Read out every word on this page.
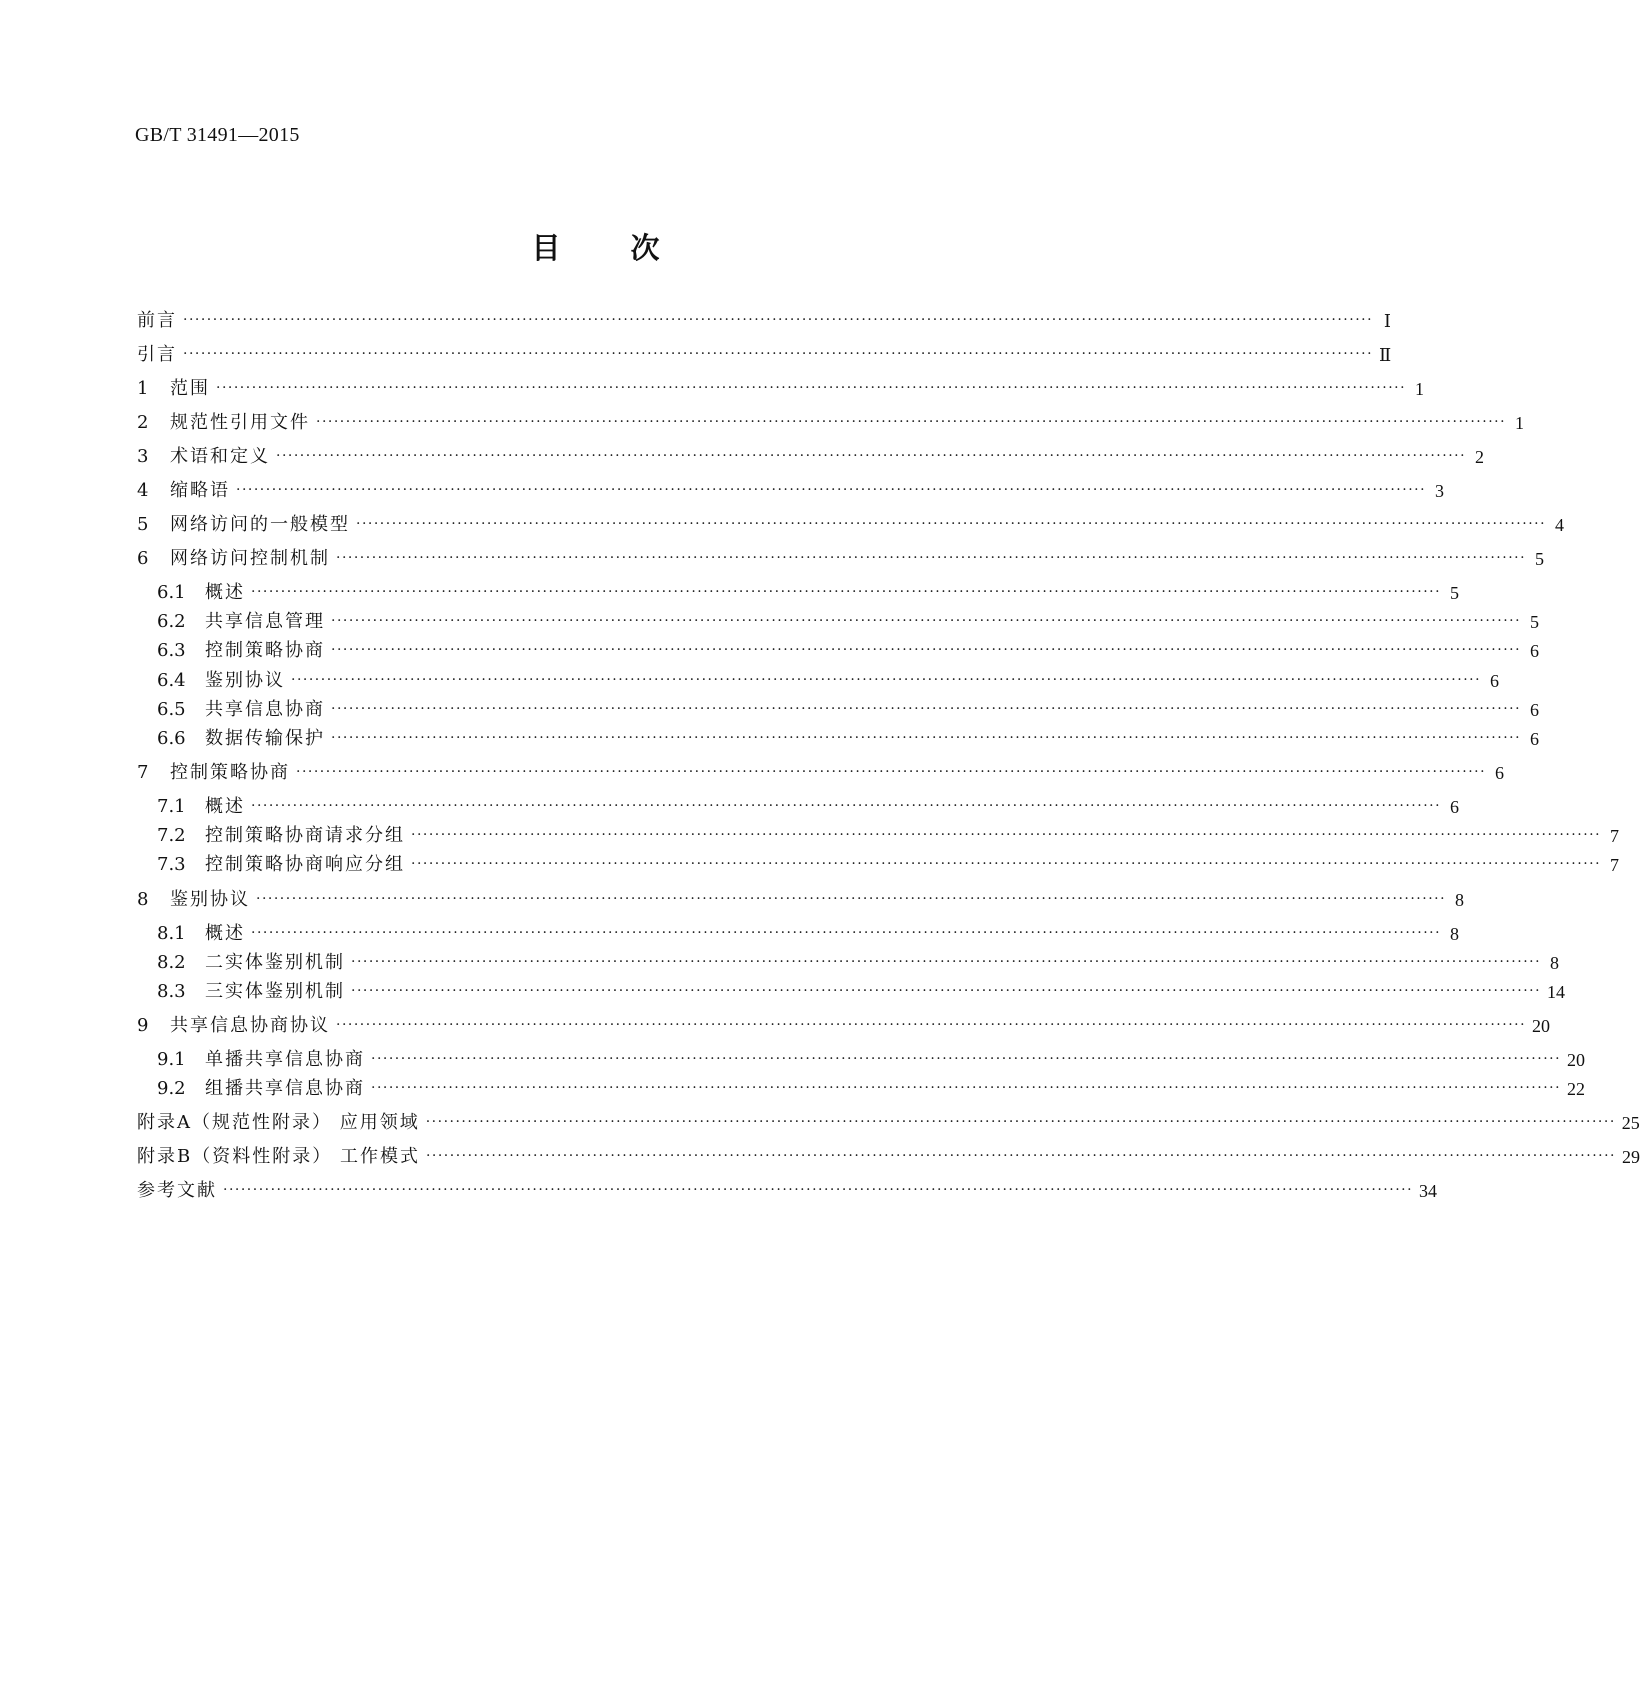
GB/T 31491—2015
目次
前言 ········································································································································································································ Ⅰ
引言 ········································································································································································································ Ⅱ
1	范围 ········································································································································································································ 1
2	规范性引用文件 ········································································································································································································ 1
3	术语和定义 ········································································································································································································ 2
4	缩略语 ········································································································································································································ 3
5	网络访问的一般模型 ········································································································································································································ 4
6	网络访问控制机制 ········································································································································································································ 5
6.1	概述 ········································································································································································································ 5
6.2	共享信息管理 ········································································································································································································ 5
6.3	控制策略协商 ········································································································································································································ 6
6.4	鉴别协议 ········································································································································································································ 6
6.5	共享信息协商 ········································································································································································································ 6
6.6	数据传输保护 ········································································································································································································ 6
7	控制策略协商 ········································································································································································································ 6
7.1	概述 ········································································································································································································ 6
7.2	控制策略协商请求分组 ········································································································································································································ 7
7.3	控制策略协商响应分组 ········································································································································································································ 7
8	鉴别协议 ········································································································································································································ 8
8.1	概述 ········································································································································································································ 8
8.2	二实体鉴别机制 ········································································································································································································ 8
8.3	三实体鉴别机制 ········································································································································································································ 14
9	共享信息协商协议 ········································································································································································································ 20
9.1	单播共享信息协商 ········································································································································································································ 20
9.2	组播共享信息协商 ········································································································································································································ 22
附录A（规范性附录） 应用领域 ········································································································································································································ 25
附录B（资料性附录） 工作模式 ········································································································································································································ 29
参考文献 ········································································································································································································ 34
